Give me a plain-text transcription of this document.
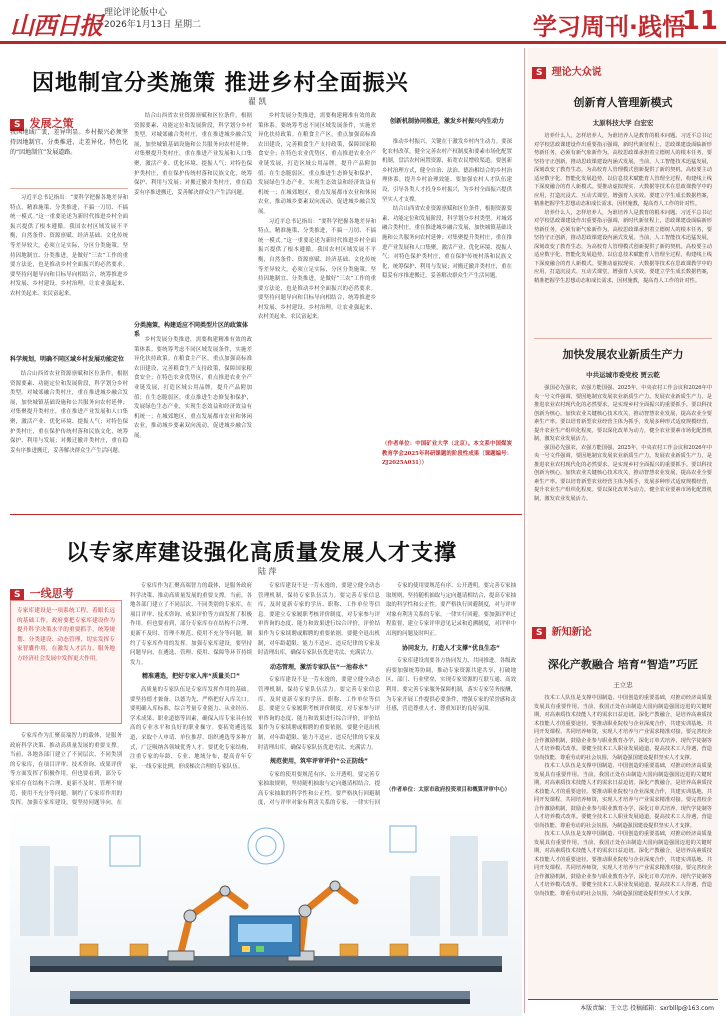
山西日报 理论评论版中心
2026年1月13日 星期二	学习周刊·践悟
11
因地制宜分类施策 推进乡村全面振兴
翟 凯
S 发展之策
我国地域广袤，差异明显。乡村振兴必须坚持因地制宜、分类推进，走差异化、特色化的“因地制宜”发展道路。

习近平总书记指出：“要科学把握各地差异和特点，精准施策、分类推进，不搞一刀切、不搞统一模式。”这一重要论述为新时代推进乡村全面振兴提供了根本遵循。我国农村区域发展不平衡，自然条件、资源禀赋、经济基础、文化传统等差异较大，必须立足实际，分区分类施策。坚持因地制宜、分类推进，是做好“三农”工作的重要方法论，也是推动乡村全面振兴的必然要求。要坚持问题导向和目标导向相结合，统筹推进乡村发展、乡村建设、乡村治理，让农业强起来、农村美起来、农民富起来。

科学规划，明确不同区域乡村发展功能定位

结合山西省农业资源禀赋和区位条件，根据资源要素、功能定位和发展阶段，科学划分乡村类型。对城郊融合类村庄，重在推进城乡融合发展，加快城镇基础设施和公共服务向农村延伸；对集聚提升类村庄，重在推进产业发展和人口集聚，激活产业、优化环境、提振人气；对特色保护类村庄，重在保护传统村落和民族文化，统筹保护、利用与发展；对搬迁撤并类村庄，重在稳妥有序推进搬迁，妥善解决群众生产生活问题。

结合山西省农业资源禀赋和区位条件，根据资源要素、功能定位和发展阶段，科学划分乡村类型。对城郊融合类村庄，重在推进城乡融合发展，加快城镇基础设施和公共服务向农村延伸；对集聚提升类村庄，重在推进产业发展和人口集聚，激活产业、优化环境、提振人气；对特色保护类村庄，重在保护传统村落和民族文化，统筹保护、利用与发展；对搬迁撤并类村庄，重在稳妥有序推进搬迁，妥善解决群众生产生活问题。

分类施策，构建适应不同类型片区的政策体系

乡村发展分类推进，需要构建精准有效的政策体系。要统筹考虑不同区域发展条件，实施差异化扶持政策。在粮食主产区，重点加强高标准农田建设，完善粮食生产支持政策，保障国家粮食安全；在特色农业优势区，重点推进农业全产业链发展，打造区域公用品牌，提升产品附加值；在生态脆弱区，重点推进生态修复和保护，发展绿色生态产业，实现生态效益和经济效益有机统一；在城郊地区，重点发展都市农业和休闲农业，推动城乡要素双向流动，促进城乡融合发展。

乡村发展分类推进，需要构建精准有效的政策体系。要统筹考虑不同区域发展条件，实施差异化扶持政策。在粮食主产区，重点加强高标准农田建设，完善粮食生产支持政策，保障国家粮食安全；在特色农业优势区，重点推进农业全产业链发展，打造区域公用品牌，提升产品附加值；在生态脆弱区，重点推进生态修复和保护，发展绿色生态产业，实现生态效益和经济效益有机统一；在城郊地区，重点发展都市农业和休闲农业，推动城乡要素双向流动，促进城乡融合发展。

习近平总书记指出：“要科学把握各地差异和特点，精准施策、分类推进，不搞一刀切、不搞统一模式。”这一重要论述为新时代推进乡村全面振兴提供了根本遵循。我国农村区域发展不平衡，自然条件、资源禀赋、经济基础、文化传统等差异较大，必须立足实际，分区分类施策。坚持因地制宜、分类推进，是做好“三农”工作的重要方法论，也是推动乡村全面振兴的必然要求。要坚持问题导向和目标导向相结合，统筹推进乡村发展、乡村建设、乡村治理，让农业强起来、农村美起来、农民富起来。

创新机制协同推进，激发乡村振兴内生动力

推动乡村振兴，关键在于激发乡村内生动力。要深化农村改革，健全完善农村产权制度和要素市场化配置机制，盘活农村闲置资源，拓宽农民增收渠道。要创新乡村治理方式，健全自治、法治、德治相结合的乡村治理体系，提升乡村治理效能。要加强农村人才队伍建设，引导各类人才投身乡村振兴，为乡村全面振兴提供坚实人才支撑。

结合山西省农业资源禀赋和区位条件，根据资源要素、功能定位和发展阶段，科学划分乡村类型。对城郊融合类村庄，重在推进城乡融合发展，加快城镇基础设施和公共服务向农村延伸；对集聚提升类村庄，重在推进产业发展和人口集聚，激活产业、优化环境、提振人气；对特色保护类村庄，重在保护传统村落和民族文化，统筹保护、利用与发展；对搬迁撤并类村庄，重在稳妥有序推进搬迁，妥善解决群众生产生活问题。

（作者单位：中国矿业大学（北京）。本文系中国煤炭教育学会2025年科研课题的阶段性成果〔课题编号：ZJ2025A031〕）
以专家库建设强化高质量发展人才支撑
陆 萍
S 一线思考
专家库建设是一项系统工程，着眼长远的基础工作。政府要把专家库建设作为提升科学决策水平的重要抓手，统筹规划、分类建设、动态管理，切实发挥专家智囊作用，在激发人才活力、服务地方经济社会发展中发挥更大作用。

专家库作为汇聚高端智力的载体，是服务政府科学决策、推动高质量发展的重要支撑。当前，各地各部门建立了不同层次、不同类别的专家库，在项目评审、技术咨询、成果评价等方面发挥了积极作用。但也要看到，部分专家库存在结构不合理、更新不及时、管理不规范、使用不充分等问题，制约了专家库作用的发挥。加强专家库建设，要坚持问题导向，在

专家库作为汇聚高端智力的载体，是服务政府科学决策、推动高质量发展的重要支撑。当前，各地各部门建立了不同层次、不同类别的专家库，在项目评审、技术咨询、成果评价等方面发挥了积极作用。但也要看到，部分专家库存在结构不合理、更新不及时、管理不规范、使用不充分等问题，制约了专家库作用的发挥。加强专家库建设，要坚持问题导向，在遴选、管理、使用、保障等环节持续发力。

精准遴选，把好专家入库“质量关口”

高质量的专家队伍是专家库发挥作用的基础。要坚持德才兼备、以德为先，严格把好入库关口。要明确入库标准，综合考量专业能力、从业经历、学术成果、职业道德等因素，确保入库专家具有较高的专业水平和良好的职业操守。要拓宽遴选渠道，采取个人申请、单位推荐、组织遴选等多种方式，广泛吸纳各领域优秀人才。要优化专家结构，注重专家的年龄、专业、地域分布，提高青年专家、一线专家比例，形成梯次合理的专家队伍。

专家库建设不是一劳永逸的，要建立健全动态管理机制，保持专家队伍活力。要完善专家信息库，及时更新专家的学历、职称、工作单位等信息。要建立专家履职考核评价制度，对专家参与评审咨询的态度、能力和效果进行综合评价，评价结果作为专家续聘或解聘的重要依据。要健全退出机制，对年龄超限、能力不适应、违反纪律的专家及时清理出库，确保专家队伍优进劣汰、充满活力。

动态管理，激活专家队伍“一池春水”

专家库建设不是一劳永逸的，要建立健全动态管理机制，保持专家队伍活力。要完善专家信息库，及时更新专家的学历、职称、工作单位等信息。要建立专家履职考核评价制度，对专家参与评审咨询的态度、能力和效果进行综合评价，评价结果作为专家续聘或解聘的重要依据。要健全退出机制，对年龄超限、能力不适应、违反纪律的专家及时清理出库，确保专家队伍优进劣汰、充满活力。

规范使用，筑牢评审评价“公正防线”

专家的使用要规范有序、公开透明。要完善专家抽取规则，坚持随机抽取与定向邀请相结合，提高专家抽取的科学性和公正性。要严格执行回避制度，对与评审对象有利害关系的专家，一律实行回

专家的使用要规范有序、公开透明。要完善专家抽取规则，坚持随机抽取与定向邀请相结合，提高专家抽取的科学性和公正性。要严格执行回避制度，对与评审对象有利害关系的专家，一律实行回避。要加强评审过程监督，建立专家评审意见记录和追溯制度，对评审中出现的问题及时纠正。

协同发力，打造人才支撑“优良生态”

专家库建设需要各方协同发力、共同推进。各级政府要加强统筹协调，推动专家资源共建共享，打破地区、部门、行业壁垒，实现专家资源的互联互通、高效利用。要完善专家服务保障机制，落实专家劳务报酬，为专家开展工作提供必要条件，增强专家的荣誉感和责任感，营造尊重人才、尊重知识的良好氛围。

（作者单位：太原市政府投资项目和概算评审中心）
S 理论大众说
创新育人管理新模式
太原科技大学 白宏宏

培养什么人，怎样培养人，为谁培养人是教育的根本问题。习近平总书记对学校思政课建设作出重要指示强调，新时代新征程上，思政课建设面临新形势新任务，必须有新气象新作为。高校思政课承担着立德树人的根本任务，要坚持守正创新，推动思政课建设内涵式发展。当前，人工智能技术迅猛发展，深刻改变了教育生态，为高校育人管理模式创新提供了新的契机。高校要主动适应数字化、智能化发展趋势，以信息技术赋能育人管理全过程，构建线上线下深度融合的育人新模式。要推动虚拟现实、大数据等技术在思政课教学中的应用，打造沉浸式、互动式课堂，增强育人实效。要建立学生成长数据档案，精准把握学生思想动态和成长需求，因材施教，提高育人工作的针对性。

培养什么人，怎样培养人，为谁培养人是教育的根本问题。习近平总书记对学校思政课建设作出重要指示强调，新时代新征程上，思政课建设面临新形势新任务，必须有新气象新作为。高校思政课承担着立德树人的根本任务，要坚持守正创新，推动思政课建设内涵式发展。当前，人工智能技术迅猛发展，深刻改变了教育生态，为高校育人管理模式创新提供了新的契机。高校要主动适应数字化、智能化发展趋势，以信息技术赋能育人管理全过程，构建线上线下深度融合的育人新模式。要推动虚拟现实、大数据等技术在思政课教学中的应用，打造沉浸式、互动式课堂，增强育人实效。要建立学生成长数据档案，精准把握学生思想动态和成长需求，因材施教，提高育人工作的针对性。

加快发展农业新质生产力
中共运城市委党校 贾云乾

强国必先强农，农强方能国强。2025年，中央农村工作会议和2026年中央一号文件强调，要因地制宜发展农业新质生产力。发展农业新质生产力，是推进农业农村现代化的必然要求，是实现乡村全面振兴的重要抓手。要以科技创新为核心，加快农业关键核心技术攻关，推动智慧农业发展，提高农业全要素生产率。要以培育新型农业经营主体为抓手，发展多种形式适度规模经营，提升农业生产组织化程度。要以深化改革为动力，健全农业要素市场化配置机制，激发农业发展活力。

强国必先强农，农强方能国强。2025年，中央农村工作会议和2026年中央一号文件强调，要因地制宜发展农业新质生产力。发展农业新质生产力，是推进农业农村现代化的必然要求，是实现乡村全面振兴的重要抓手。要以科技创新为核心，加快农业关键核心技术攻关，推动智慧农业发展，提高农业全要素生产率。要以培育新型农业经营主体为抓手，发展多种形式适度规模经营，提升农业生产组织化程度。要以深化改革为动力，健全农业要素市场化配置机制，激发农业发展活力。

S 新知新论
深化产教融合 培育“智造”巧匠
王立忠

技术工人队伍是支撑中国制造、中国创造的重要基础，对推动经济高质量发展具有重要作用。当前，我国正处在由制造大国向制造强国迈进的关键时期，对高素质技术技能人才的需求日益迫切。深化产教融合，是培养高素质技术技能人才的重要途径。要推动职业院校与企业深度合作，共建实训基地、共同开发课程、共同培养师资，实现人才培养与产业需求精准对接。要完善校企合作激励机制，鼓励企业参与职业教育办学，深化订单式培养、现代学徒制等人才培养模式改革。要健全技术工人职业发展通道，提高技术工人待遇，营造崇尚技能、尊重劳动的社会氛围，为制造强国建设提供坚实人才支撑。

技术工人队伍是支撑中国制造、中国创造的重要基础，对推动经济高质量发展具有重要作用。当前，我国正处在由制造大国向制造强国迈进的关键时期，对高素质技术技能人才的需求日益迫切。深化产教融合，是培养高素质技术技能人才的重要途径。要推动职业院校与企业深度合作，共建实训基地、共同开发课程、共同培养师资，实现人才培养与产业需求精准对接。要完善校企合作激励机制，鼓励企业参与职业教育办学，深化订单式培养、现代学徒制等人才培养模式改革。要健全技术工人职业发展通道，提高技术工人待遇，营造崇尚技能、尊重劳动的社会氛围，为制造强国建设提供坚实人才支撑。

技术工人队伍是支撑中国制造、中国创造的重要基础，对推动经济高质量发展具有重要作用。当前，我国正处在由制造大国向制造强国迈进的关键时期，对高素质技术技能人才的需求日益迫切。深化产教融合，是培养高素质技术技能人才的重要途径。要推动职业院校与企业深度合作，共建实训基地、共同开发课程、共同培养师资，实现人才培养与产业需求精准对接。要完善校企合作激励机制，鼓励企业参与职业教育办学，深化订单式培养、现代学徒制等人才培养模式改革。要健全技术工人职业发展通道，提高技术工人待遇，营造崇尚技能、尊重劳动的社会氛围，为制造强国建设提供坚实人才支撑。

本版责编：王立忠 投稿邮箱：sxrblllp@163.com
